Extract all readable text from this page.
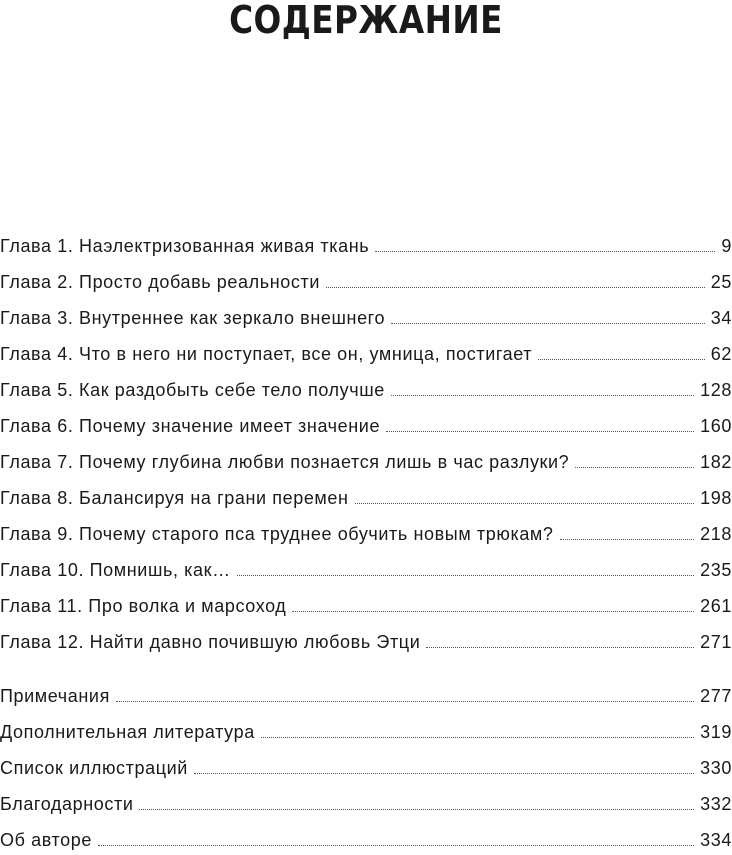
СОДЕРЖАНИЕ
Глава 1. Наэлектризованная живая ткань	9
Глава 2. Просто добавь реальности	25
Глава 3. Внутреннее как зеркало внешнего	34
Глава 4. Что в него ни поступает, все он, умница, постигает	62
Глава 5. Как раздобыть себе тело получше	128
Глава 6. Почему значение имеет значение	160
Глава 7. Почему глубина любви познается лишь в час разлуки?	182
Глава 8. Балансируя на грани перемен	198
Глава 9. Почему старого пса труднее обучить новым трюкам?	218
Глава 10. Помнишь, как…	235
Глава 11. Про волка и марсоход	261
Глава 12. Найти давно почившую любовь Этци	271
Примечания	277
Дополнительная литература	319
Список иллюстраций	330
Благодарности	332
Об авторе	334
